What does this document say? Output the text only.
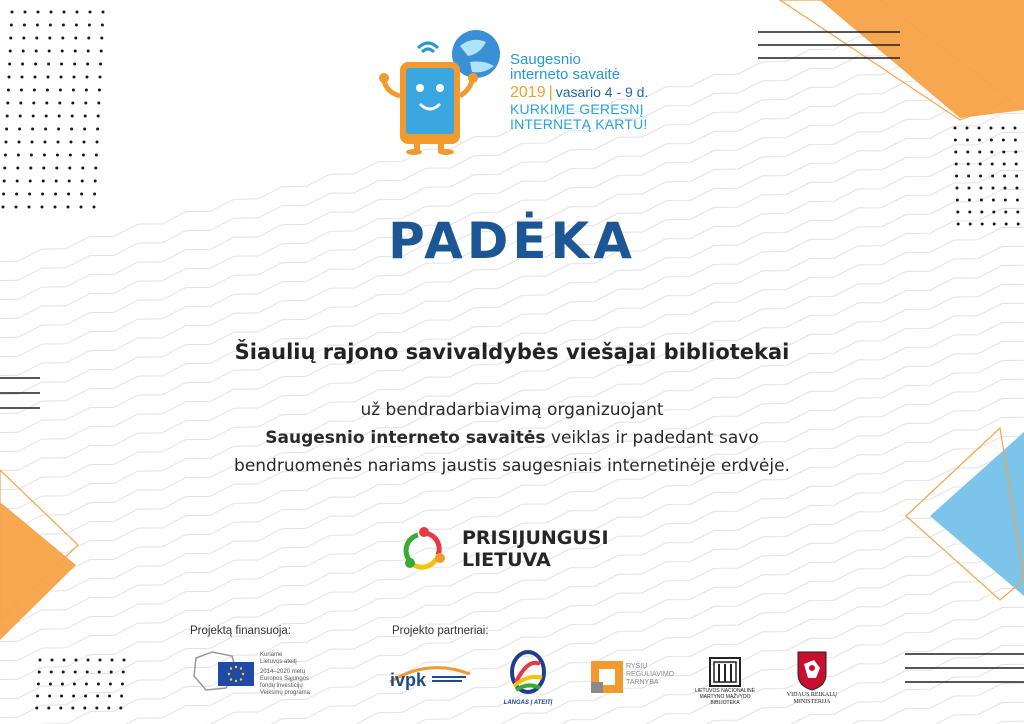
Saugesnio
interneto savaitė
2019 | vasario 4 - 9 d.
KURKIME GERESNĮ
INTERNETĄ KARTU!
PADĖKA
Šiaulių rajono savivaldybės viešajai bibliotekai
už bendradarbiavimą organizuojant
Saugesnio interneto savaitės veiklas ir padedant savo
bendruomenės nariams jaustis saugesniais internetinėje erdvėje.
PRISIJUNGUSI
LIETUVA
Projektą finansuoja:	Projekto partneriai:
Kuriame
Lietuvos ateitį
2014–2020 metų
Europos Sąjungos
fondų investicijų
Veiksmų programa
ivpk
LANGAS Į ATEITĮ
RYŠIŲ
REGULIAVIMO
TARNYBA
LIETUVOS NACIONALINĖ
MARTYNO MAŽVYDO
BIBLIOTEKA
VIDAUS REIKALŲ
MINISTERIJA
